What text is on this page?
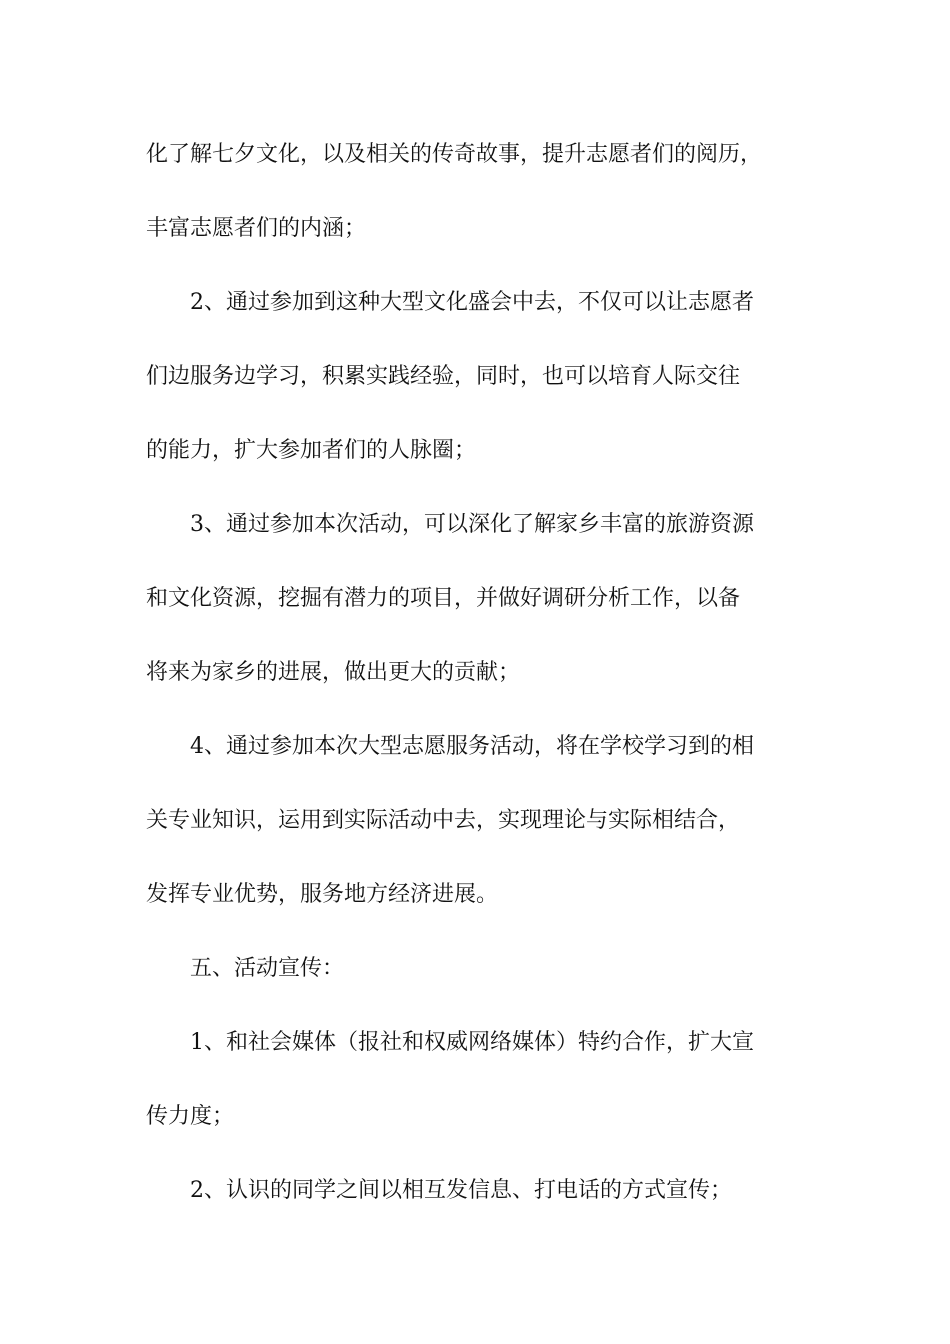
化了解七夕文化，以及相关的传奇故事，提升志愿者们的阅历，
丰富志愿者们的内涵；
　　2、通过参加到这种大型文化盛会中去，不仅可以让志愿者
们边服务边学习，积累实践经验，同时，也可以培育人际交往
的能力，扩大参加者们的人脉圈；
　　3、通过参加本次活动，可以深化了解家乡丰富的旅游资源
和文化资源，挖掘有潜力的项目，并做好调研分析工作，以备
将来为家乡的进展，做出更大的贡献；
　　4、通过参加本次大型志愿服务活动，将在学校学习到的相
关专业知识，运用到实际活动中去，实现理论与实际相结合，
发挥专业优势，服务地方经济进展。
　　五、活动宣传：
　　1、和社会媒体（报社和权威网络媒体）特约合作，扩大宣
传力度；
　　2、认识的同学之间以相互发信息、打电话的方式宣传；
